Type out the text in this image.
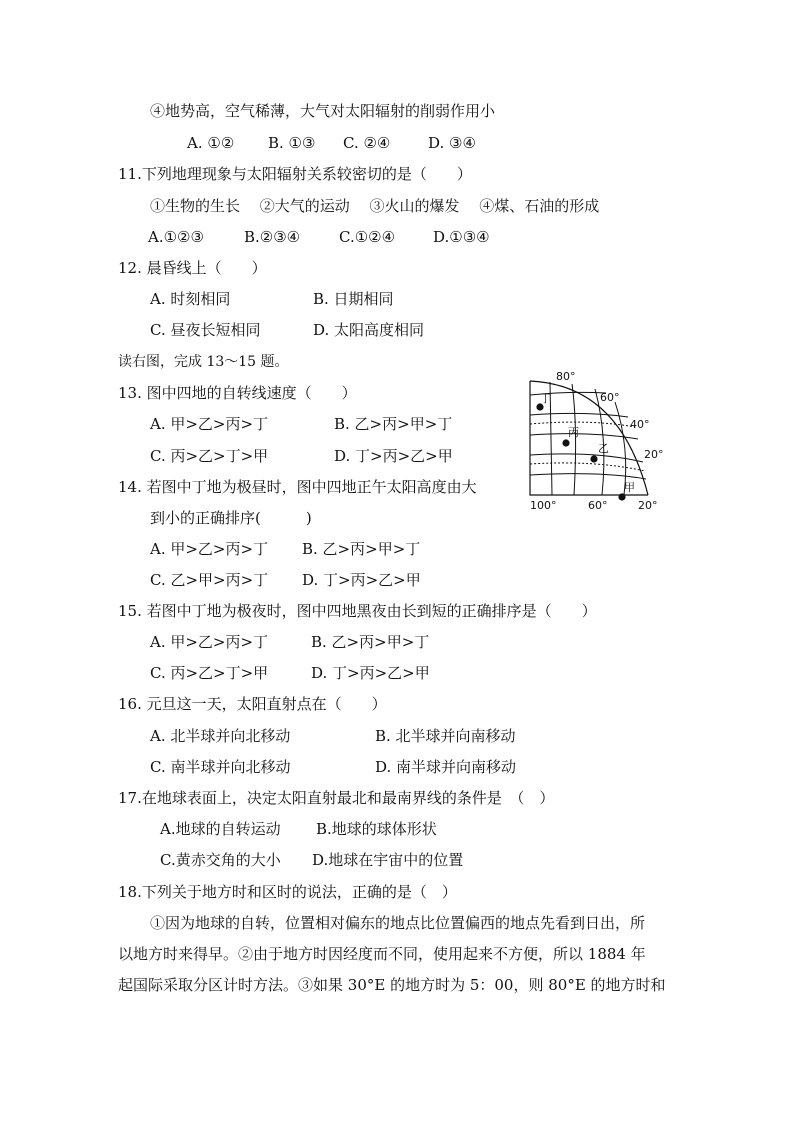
④地势高，空气稀薄，大气对太阳辐射的削弱作用小
A. ①② B. ①③ C. ②④	D. ③④
11.下列地理现象与太阳辐射关系较密切的是（　　）
①生物的生长　 ②大气的运动　 ③火山的爆发　 ④煤、石油的形成
A.①②③	B.②③④	C.①②④	D.①③④
12. 晨昏线上（　　）
A. 时刻相同	B. 日期相同
C. 昼夜长短相同	D. 太阳高度相同
读右图，完成 13～15 题。
13. 图中四地的自转线速度（　　）
A. 甲>乙>丙>丁	B. 乙>丙>甲>丁
C. 丙>乙>丁>甲	D. 丁>丙>乙>甲
14. 若图中丁地为极昼时，图中四地正午太阳高度由大
到小的正确排序(　　　)
A. 甲>乙>丙>丁 B. 乙>丙>甲>丁
C. 乙>甲>丙>丁 D. 丁>丙>乙>甲
15. 若图中丁地为极夜时，图中四地黑夜由长到短的正确排序是（　　）
A. 甲>乙>丙>丁	B. 乙>丙>甲>丁
C. 丙>乙>丁>甲	D. 丁>丙>乙>甲
16. 元旦这一天，太阳直射点在（　　）
A. 北半球并向北移动	B. 北半球并向南移动
C. 南半球并向北移动	D. 南半球并向南移动
17.在地球表面上，决定太阳直射最北和最南界线的条件是　（　）
A.地球的自转运动 B.地球的球体形状
C.黄赤交角的大小 D.地球在宇宙中的位置
18.下列关于地方时和区时的说法，正确的是（　）
①因为地球的自转，位置相对偏东的地点比位置偏西的地点先看到日出，所
以地方时来得早。②由于地方时因经度而不同，使用起来不方便，所以 1884 年
起国际采取分区计时方法。③如果 30°E 的地方时为 5：00，则 80°E 的地方时和
丁
丙
乙
甲
80°
60°
40°
20°
100°	60°	20°
